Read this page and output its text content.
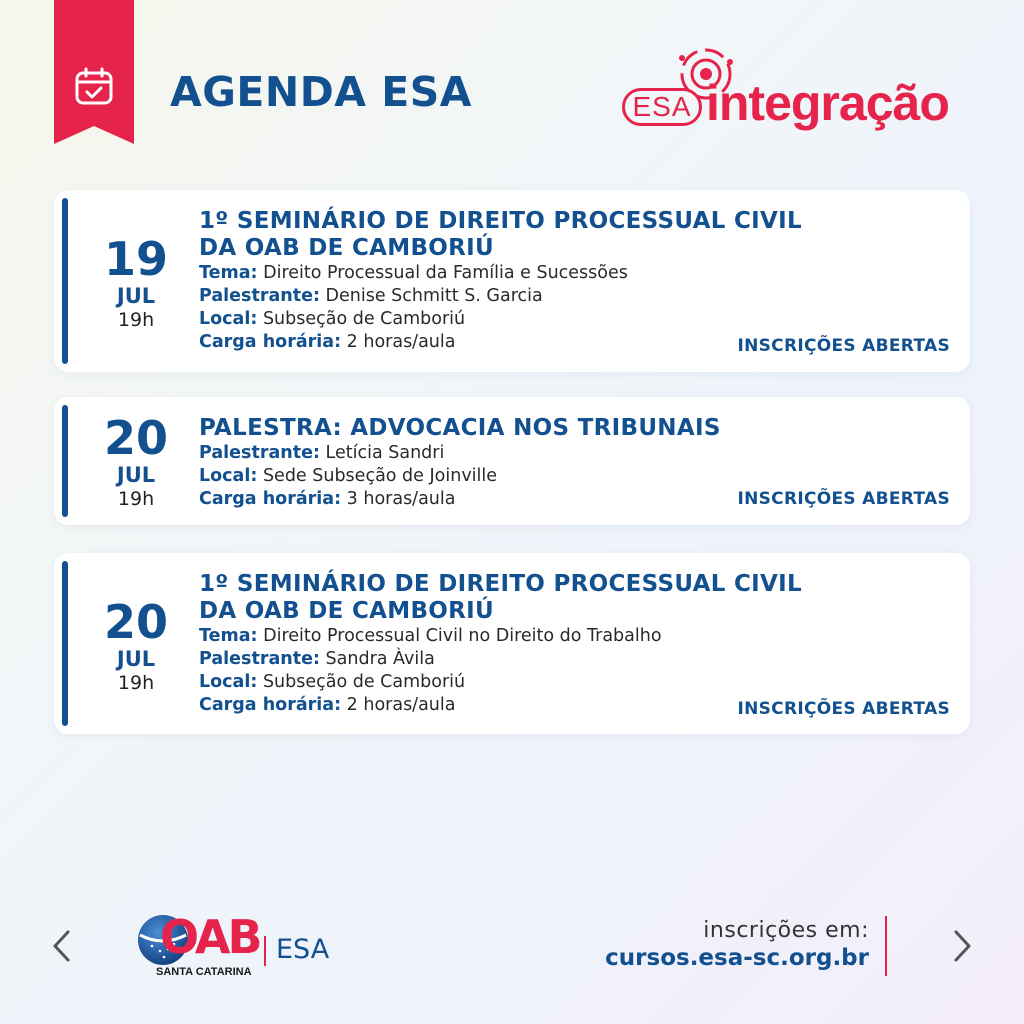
AGENDA ESA	ESA integração
19
JUL
19h
1º SEMINÁRIO DE DIREITO PROCESSUAL CIVIL
DA OAB DE CAMBORIÚ
Tema: Direito Processual da Família e Sucessões
Palestrante: Denise Schmitt S. Garcia
Local: Subseção de Camboriú
Carga horária: 2 horas/aula	INSCRIÇÕES ABERTAS
20
JUL
19h
PALESTRA: ADVOCACIA NOS TRIBUNAIS
Palestrante: Letícia Sandri
Local: Sede Subseção de Joinville
Carga horária: 3 horas/aula	INSCRIÇÕES ABERTAS
20
JUL
19h
1º SEMINÁRIO DE DIREITO PROCESSUAL CIVIL
DA OAB DE CAMBORIÚ
Tema: Direito Processual Civil no Direito do Trabalho
Palestrante: Sandra Àvila
Local: Subseção de Camboriú
Carga horária: 2 horas/aula	INSCRIÇÕES ABERTAS
OAB
SANTA CATARINA
ESA
inscrições em:
cursos.esa-sc.org.br
